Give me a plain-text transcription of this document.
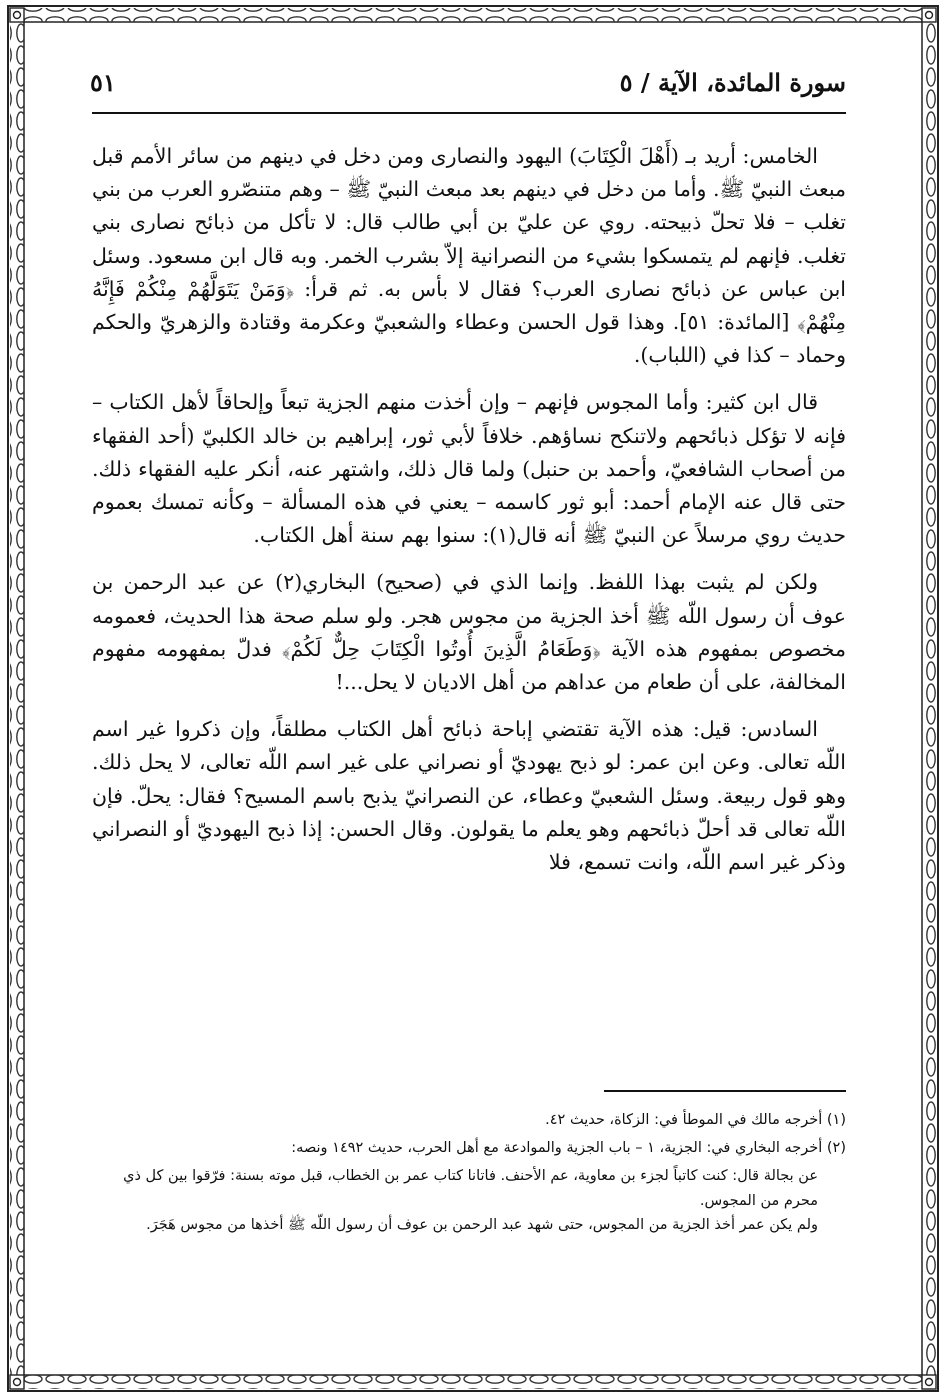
سورة المائدة، الآية / ٥
٥١

الخامس: أريد بـ (أَهْلَ الْكِتَابَ) اليهود والنصارى ومن دخل في دينهم من سائر الأمم قبل مبعث النبيّ ﷺ. وأما من دخل في دينهم بعد مبعث النبيّ ﷺ – وهم متنصّرو العرب من بني تغلب – فلا تحلّ ذبيحته. روي عن عليّ بن أبي طالب قال: لا تأكل من ذبائح نصارى بني تغلب. فإنهم لم يتمسكوا بشيء من النصرانية إلاّ بشرب الخمر. وبه قال ابن مسعود. وسئل ابن عباس عن ذبائح نصارى العرب؟ فقال لا بأس به. ثم قرأ: ﴿وَمَنْ يَتَوَلَّهُمْ مِنْكُمْ فَإِنَّهُ مِنْهُمْ﴾ [المائدة: ٥١]. وهذا قول الحسن وعطاء والشعبيّ وعكرمة وقتادة والزهريّ والحكم وحماد – كذا في (اللباب).

قال ابن كثير: وأما المجوس فإنهم – وإن أخذت منهم الجزية تبعاً وإلحاقاً لأهل الكتاب – فإنه لا تؤكل ذبائحهم ولاتنكح نساؤهم. خلافاً لأبي ثور، إبراهيم بن خالد الكلبيّ (أحد الفقهاء من أصحاب الشافعيّ، وأحمد بن حنبل) ولما قال ذلك، واشتهر عنه، أنكر عليه الفقهاء ذلك. حتى قال عنه الإمام أحمد: أبو ثور كاسمه – يعني في هذه المسألة – وكأنه تمسك بعموم حديث روي مرسلاً عن النبيّ ﷺ أنه قال(١): سنوا بهم سنة أهل الكتاب.

ولكن لم يثبت بهذا اللفظ. وإنما الذي في (صحيح) البخاري(٢) عن عبد الرحمن بن عوف أن رسول اللّه ﷺ أخذ الجزية من مجوس هجر. ولو سلم صحة هذا الحديث، فعمومه مخصوص بمفهوم هذه الآية ﴿وَطَعَامُ الَّذِينَ أُوتُوا الْكِتَابَ حِلٌّ لَكُمْ﴾ فدلّ بمفهومه مفهوم المخالفة، على أن طعام من عداهم من أهل الاديان لا يحل...!

السادس: قيل: هذه الآية تقتضي إباحة ذبائح أهل الكتاب مطلقاً، وإن ذكروا غير اسم اللّه تعالى. وعن ابن عمر: لو ذبح يهوديّ أو نصراني على غير اسم اللّه تعالى، لا يحل ذلك. وهو قول ربيعة. وسئل الشعبيّ وعطاء، عن النصرانيّ يذبح باسم المسيح؟ فقال: يحلّ. فإن اللّه تعالى قد أحلّ ذبائحهم وهو يعلم ما يقولون. وقال الحسن: إذا ذبح اليهوديّ أو النصراني وذكر غير اسم اللّه، وانت تسمع، فلا

(١) أخرجه مالك في الموطأ في: الزكاة، حديث ٤٢.

(٢) أخرجه البخاري في: الجزية، ١ – باب الجزية والموادعة مع أهل الحرب، حديث ١٤٩٢ ونصه:

عن بجالة قال: كنت كاتباً لجزء بن معاوية، عم الأحنف. فاتانا كتاب عمر بن الخطاب، قبل موته بسنة: فرّقوا بين كل ذي محرم من المجوس.

ولم يكن عمر أخذ الجزية من المجوس، حتى شهد عبد الرحمن بن عوف أن رسول اللّه ﷺ أخذها من مجوس هَجَرَ.
